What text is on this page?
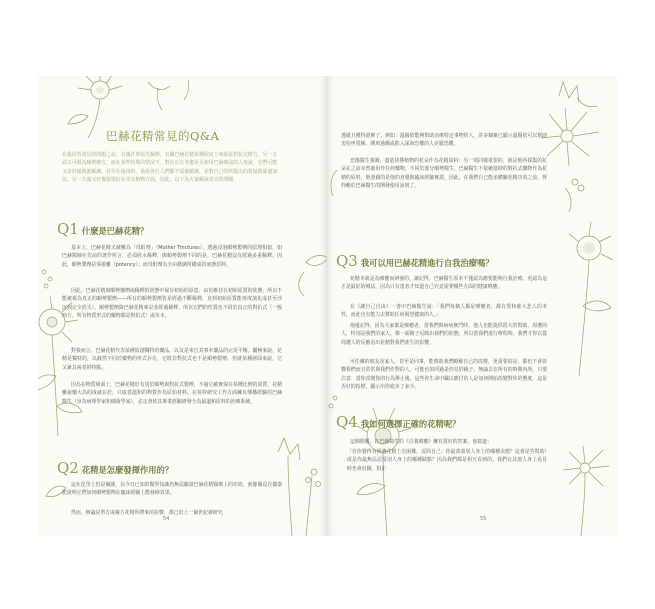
巴赫花精常見的Q&A

在我回答常見的問題之前，有幾件事需先解釋，有關巴赫花精某種程度上來說是對抗式療方，另一方面又可視為順勢療方，而在某些特殊的情況下，對於正在考慮是否使用巴赫療法的人來說，它們可能又是同樣地被解讀，甚至在使用時，他是各位人們都不需被解讀，並對自己的所提出的質疑與憂慮加以，另一方面又好像要很好在草本植物方面，因此，以下為大家解說常見的問題。

Q1 什麼是巴赫花精？

基本上，巴赫花精又被稱為「母酊劑」（Mother Tinctures），透過浸泡順勢製劑的原理相似，如巴赫醫師在先前的著作所言，必須經水稀釋，與順勢製劑不同的是，巴赫花精沒有經過多重稀釋。因此，順勢製劑是零游離（potency）；而母酊劑為全由微調所構成的液態原料。

因此，巴赫花精與順勢藥劑或稀釋的狀態中保存初始的原意，由於維持在初始原質的狀態，所以不能被視為真正的順勢製劑——所有的順勢製劑皆是經過不斷稀釋，直到初始原質能再度演化成甚至沙沉到完全消失）。順勢製劑與巴赫花精專是並經過稀釋，所以它們的性質也不同於真正的對抗式（一般西方，所有物質形式的藥物都是對抗式）或草本。

對我而言，巴赫花精代表某種原創獨特的藥品，以及是來自其事本藥品的完美平衡。屬極來說，花精是獨特的，以截然不同於藥物的形式存在，它既非對抗式也不是順勢製劑，但就某種層面來說，它又兼具兩者的特點。

因為在物質層面上，巴赫花精於有別於順勢與對抗式製劑，不過它確實保存某種比例的原質，花精雖說藥大為的成就在於，只取善溫和的物質作為原始材料。在每特研究工作方面擁有傳播經驗的巴赫醫生（身為病理學家和細菌學家），必定會依其專業經驗研發全為最溫和原料的治療系統。

Q2 花精是怎麼發揮作用的？

這在化學上仍是個謎，以今日已知的醫學知識仍無法驗證巴赫花精醫療上的功效，就像擾沒有儀器能證明它們如何順勢製劑在臨床經驗上能發揮效果。

然而，無論是單方或複方花精所帶來的影響，都已於上一個世紀被研究

54

透徹且獲得證實了。例如：溫醫依能夠幫助治療特定事物的人，許多個案已顯示溫醫依可以幫助害怕坐電梯、開車過橋或陷入深海恐懼的人克服恐懼。

悲傷醫生強調，盡量抉擇植物的花朵作為花精原料：另一項同樣重要的，就是他所採集的花朵在之前未曾被用作任何藥物，不同於部分順勢醫生，巴赫醫生不依賴當時的對抗式藥物作為花精的原料，他憑藉的是他的直覺與臨床經驗實證。因此，在我們自已能多體驗花精功效之前，得仰賴於巴赫醫生的開發使用說明了。

Q3 我可以用巴赫花精進行自我治療嗎？

花精本就是為療癒而研發的，讀記得，巴赫醫生原本不僅認為應要能夠自我治療，更認為這才是最好的療法，因為只有患者才知道自己究竟需要哪些方面的健康療癒。

在《讓自己自由》一書中巴赫醫生說：「我們每個人都是療癒者，都有愛和慈大悲人的本性，而此也有能力去幫助任何渴望健康的人。」

他還記得，因為大家都是療癒者，當我們與病病實門時，他人也能提供很大的幫助，周遭的人，特別是我們的家人、像一面鏡子反映出我們的狀態，所以當我們進行療程時，我們才得以從周遭人的反應看出花精對我們產生的影響。

可任稱的朋友及家人，甚至是同事，能幫助我們瞭解自己的改變，更重要的是，都也不會影響我們而且常常與我們作對的人，可能也如同過是你見的鏡子。無論去在所有的時間內所，只要注意：當你改變你的行為舉止後，這些你生命中職以應付的人是如何開始改變對你的態度，這是否好的指標，顯示出你進步了多少。

Q4 我如何選擇正確的花精呢？

這個問題，在巴赫醫生的《自我療癒》擁有很好的答案，他寫道：

「若你覺得有挑選花精上有困難，反問自己：你最羨慕別人身上的哪種美德？這會是答幫助）或是你最無法忍受別人身上的哪種缺點？因為我們都是相互看到的。我們在其他人身上看見時也會討厭，猖正

55
